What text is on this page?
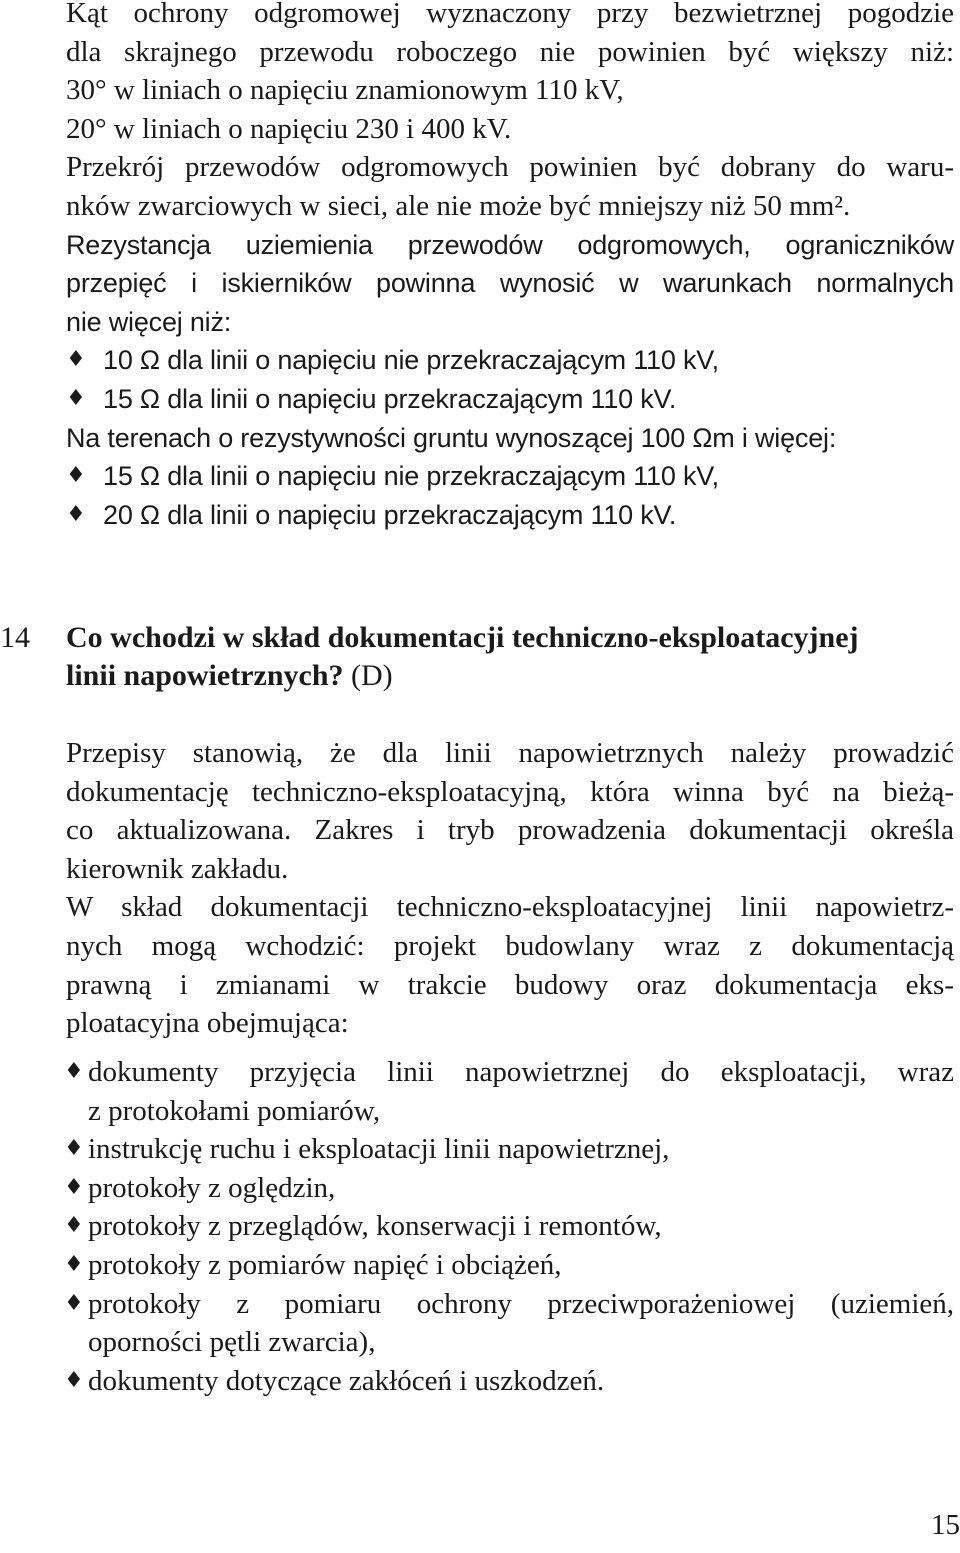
Kąt ochrony odgromowej wyznaczony przy bezwietrznej pogodzie
dla skrajnego przewodu roboczego nie powinien być większy niż:
30° w liniach o napięciu znamionowym 110 kV,
20° w liniach o napięciu 230 i 400 kV.
Przekrój przewodów odgromowych powinien być dobrany do waru-
nków zwarciowych w sieci, ale nie może być mniejszy niż 50 mm².
Rezystancja uziemienia przewodów odgromowych, ograniczników
przepięć i iskierników powinna wynosić w warunkach normalnych
nie więcej niż:
♦ 10 Ω dla linii o napięciu nie przekraczającym 110 kV,
♦ 15 Ω dla linii o napięciu przekraczającym 110 kV.
Na terenach o rezystywności gruntu wynoszącej 100 Ωm i więcej:
♦ 15 Ω dla linii o napięciu nie przekraczającym 110 kV,
♦ 20 Ω dla linii o napięciu przekraczającym 110 kV.
14 Co wchodzi w skład dokumentacji techniczno-eksploatacyjnej
linii napowietrznych? (D)
Przepisy stanowią, że dla linii napowietrznych należy prowadzić
dokumentację techniczno-eksploatacyjną, która winna być na bieżą-
co aktualizowana. Zakres i tryb prowadzenia dokumentacji określa
kierownik zakładu.
W skład dokumentacji techniczno-eksploatacyjnej linii napowietrz-
nych mogą wchodzić: projekt budowlany wraz z dokumentacją
prawną i zmianami w trakcie budowy oraz dokumentacja eks-
ploatacyjna obejmująca:
♦ dokumenty przyjęcia linii napowietrznej do eksploatacji, wraz
z protokołami pomiarów,
♦ instrukcję ruchu i eksploatacji linii napowietrznej,
♦ protokoły z oględzin,
♦ protokoły z przeglądów, konserwacji i remontów,
♦ protokoły z pomiarów napięć i obciążeń,
♦ protokoły z pomiaru ochrony przeciwporażeniowej (uziemień,
oporności pętli zwarcia),
♦ dokumenty dotyczące zakłóceń i uszkodzeń.
15
